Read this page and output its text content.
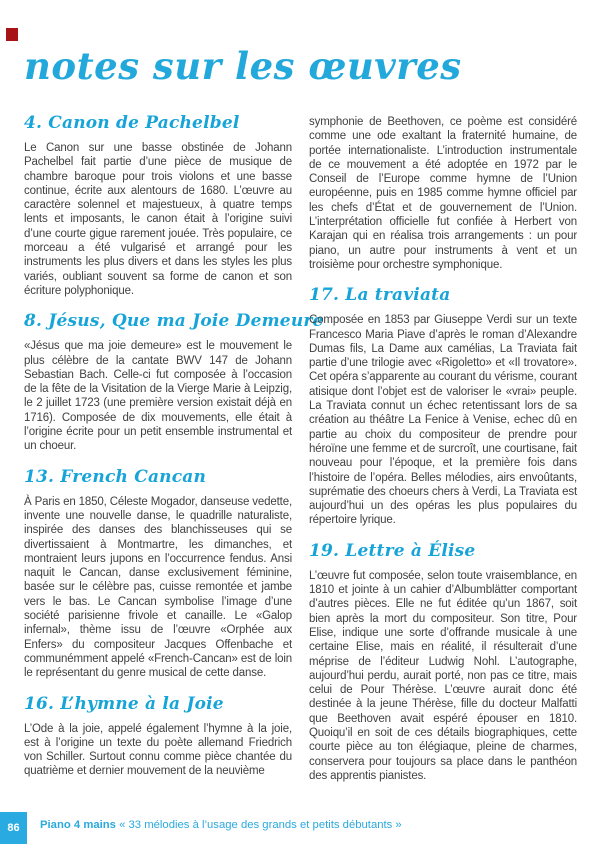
notes sur les œuvres
4. Canon de Pachelbel

Le Canon sur une basse obstinée de Johann Pachelbel fait partie d’une pièce de musique de chambre baroque pour trois violons et une basse continue, écrite aux alentours de 1680. L’œuvre au caractère solennel et majestueux, à quatre temps lents et imposants, le canon était à l’origine suivi d’une courte gigue rarement jouée. Très populaire, ce morceau a été vulgarisé et arrangé pour les instruments les plus divers et dans les styles les plus variés, oubliant souvent sa forme de canon et son écriture polyphonique.

8. Jésus, Que ma Joie Demeure

«Jésus que ma joie demeure» est le mouvement le plus célèbre de la cantate BWV 147 de Johann Sebastian Bach. Celle-ci fut composée à l’occasion de la fête de la Visitation de la Vierge Marie à Leipzig, le 2 juillet 1723 (une première version existait déjà en 1716). Composée de dix mouvements, elle était à l’origine écrite pour un petit ensemble instrumental et un choeur.

13. French Cancan

À Paris en 1850, Céleste Mogador, danseuse vedette, invente une nouvelle danse, le quadrille naturaliste, inspirée des danses des blanchisseuses qui se divertissaient à Montmartre, les dimanches, et montraient leurs jupons en l’occurrence fendus. Ansi naquit le Cancan, danse exclusivement féminine, basée sur le célèbre pas, cuisse remontée et jambe vers le bas. Le Cancan symbolise l’image d’une société parisienne frivole et canaille. Le «Galop infernal», thème issu de l’œuvre «Orphée aux Enfers» du compositeur Jacques Offenbache et communémment appelé «French-Cancan» est de loin le représentant du genre musical de cette danse.

16. L’hymne à la Joie

L’Ode à la joie, appelé également l’hymne à la joie, est à l’origine un texte du poète allemand Friedrich von Schiller. Surtout connu comme pièce chantée du quatrième et dernier mouvement de la neuvième

symphonie de Beethoven, ce poème est considéré comme une ode exaltant la fraternité humaine, de portée internationaliste. L’introduction instrumentale de ce mouvement a été adoptée en 1972 par le Conseil de l’Europe comme hymne de l’Union européenne, puis en 1985 comme hymne officiel par les chefs d’État et de gouvernement de l’Union. L’interprétation officielle fut confiée à Herbert von Karajan qui en réalisa trois arrangements : un pour piano, un autre pour instruments à vent et un troisième pour orchestre symphonique.

17. La traviata

Composée en 1853 par Giuseppe Verdi sur un texte Francesco Maria Piave d’après le roman d’Alexandre Dumas fils, La Dame aux camélias, La Traviata fait partie d’une trilogie avec «Rigoletto» et «Il trovatore». Cet opéra s’apparente au courant du vérisme, courant atisique dont l’objet est de valoriser le «vrai» peuple. La Traviata connut un échec retentissant lors de sa création au théâtre La Fenice à Venise, echec dû en partie au choix du compositeur de prendre pour héroïne une femme et de surcroît, une courtisane, fait nouveau pour l’époque, et la première fois dans l’histoire de l’opéra. Belles mélodies, airs envoûtants, suprématie des choeurs chers à Verdi, La Traviata est aujourd’hui un des opéras les plus populaires du répertoire lyrique.

19. Lettre à Élise

L’œuvre fut composée, selon toute vraisemblance, en 1810 et jointe à un cahier d’Albumblätter comportant d’autres pièces. Elle ne fut éditée qu’un 1867, soit bien après la mort du compositeur. Son titre, Pour Elise, indique une sorte d’offrande musicale à une certaine Elise, mais en réalité, il résulterait d’une méprise de l’éditeur Ludwig Nohl. L’autographe, aujourd’hui perdu, aurait porté, non pas ce titre, mais celui de Pour Thérèse. L’œuvre aurait donc été destinée à la jeune Thérèse, fille du docteur Malfatti que Beethoven avait espéré épouser en 1810. Quoiqu’il en soit de ces détails biographiques, cette courte pièce au ton élégiaque, pleine de charmes, conservera pour toujours sa place dans le panthéon des apprentis pianistes.

86 Piano 4 mains « 33 mélodies à l’usage des grands et petits débutants »
